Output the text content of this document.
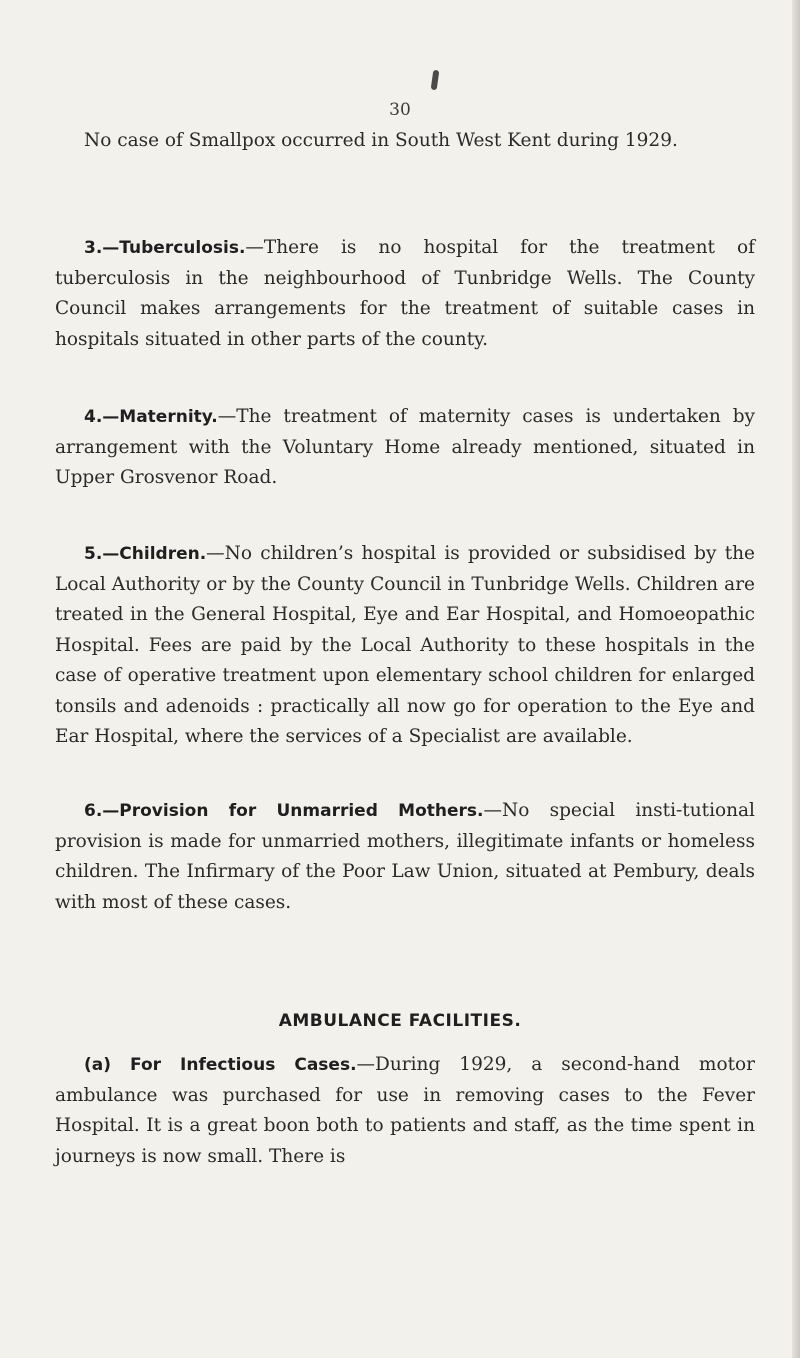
30

No case of Smallpox occurred in South West Kent during 1929.

3.—Tuberculosis.—There is no hospital for the treatment of tuberculosis in the neighbourhood of Tunbridge Wells. The County Council makes arrangements for the treatment of suitable cases in hospitals situated in other parts of the county.

4.—Maternity.—The treatment of maternity cases is undertaken by arrangement with the Voluntary Home already mentioned, situated in Upper Grosvenor Road.

5.—Children.—No children’s hospital is provided or subsidised by the Local Authority or by the County Council in Tunbridge Wells. Children are treated in the General Hospital, Eye and Ear Hospital, and Homoeopathic Hospital. Fees are paid by the Local Authority to these hospitals in the case of operative treatment upon elementary school children for enlarged tonsils and adenoids : practically all now go for operation to the Eye and Ear Hospital, where the services of a Specialist are available.

6.—Provision for Unmarried Mothers.—No special insti-tutional provision is made for unmarried mothers, illegitimate infants or homeless children. The Infirmary of the Poor Law Union, situated at Pembury, deals with most of these cases.

AMBULANCE FACILITIES.

(a) For Infectious Cases.—During 1929, a second-hand motor ambulance was purchased for use in removing cases to the Fever Hospital. It is a great boon both to patients and staff, as the time spent in journeys is now small. There is
